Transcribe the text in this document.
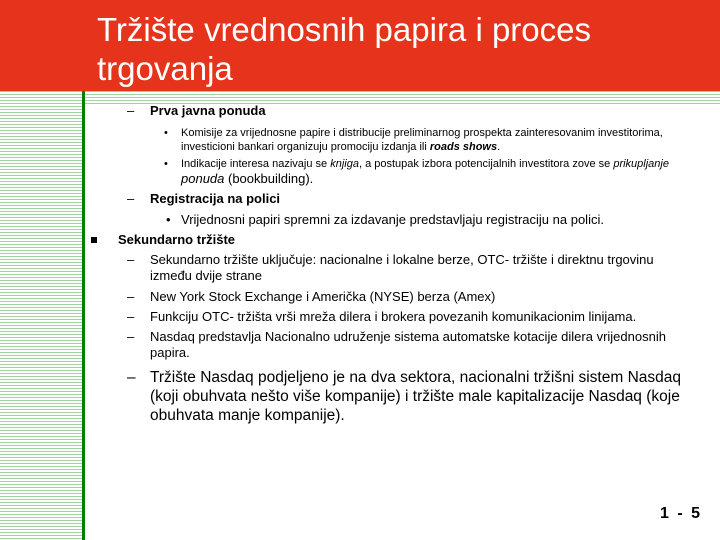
Tržište vrednosnih papira i proces
trgovanja
– Prva javna ponuda
• Komisije za vrijednosne papire i distribucije preliminarnog prospekta zainteresovanim investitorima,
investicioni bankari organizuju promociju izdanja ili roads shows.
• Indikacije interesa nazivaju se knjiga, a postupak izbora potencijalnih investitora zove se prikupljanje
ponuda (bookbuilding).
– Registracija na polici
• Vrijednosni papiri spremni za izdavanje predstavljaju registraciju na polici.
Sekundarno tržište
– Sekundarno tržište uključuje: nacionalne i lokalne berze, OTC- tržište i direktnu trgovinu
između dvije strane
– New York Stock Exchange i Američka (NYSE) berza (Amex)
– Funkciju OTC- tržišta vrši mreža dilera i brokera povezanih komunikacionim linijama.
– Nasdaq predstavlja Nacionalno udruženje sistema automatske kotacije dilera vrijednosnih
papira.
– Tržište Nasdaq podjeljeno je na dva sektora, nacionalni tržišni sistem Nasdaq
(koji obuhvata nešto više kompanije) i tržište male kapitalizacije Nasdaq (koje
obuhvata manje kompanije).
1 - 5
